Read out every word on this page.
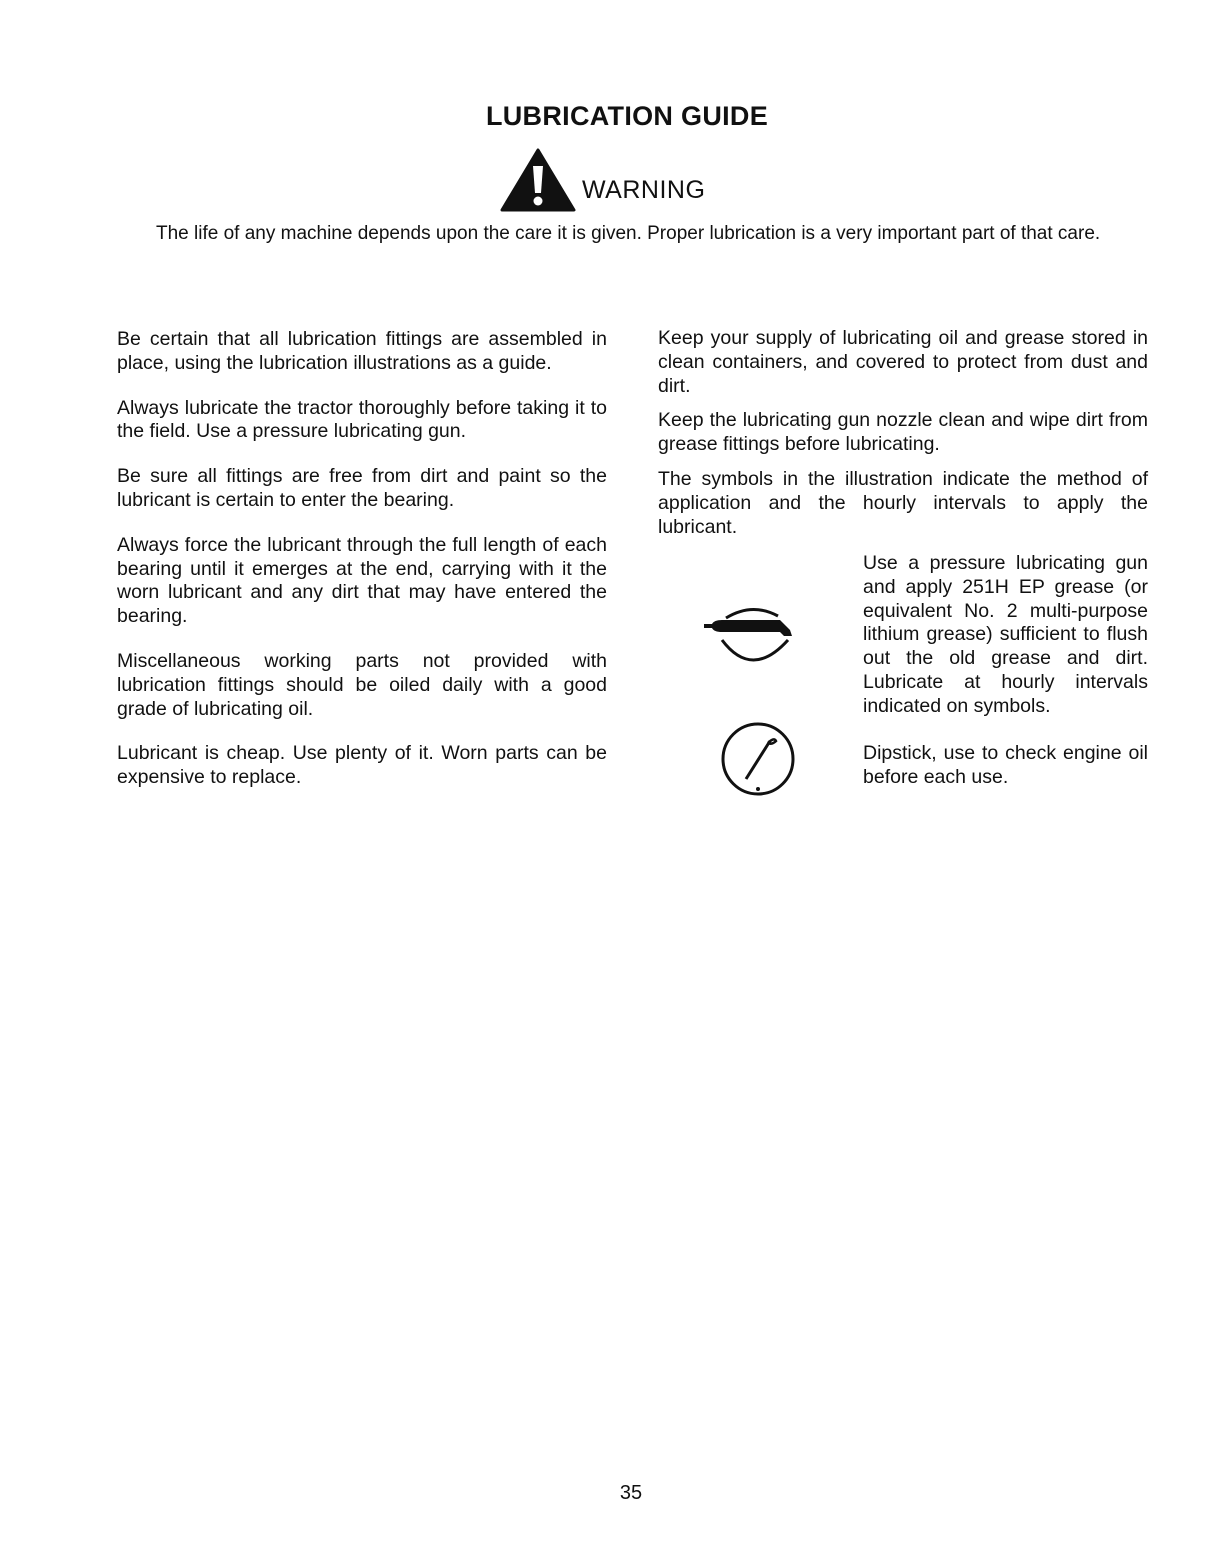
LUBRICATION GUIDE
WARNING

The life of any machine depends upon the care it is given. Proper lubrication is a very important part of that care.

Be certain that all lubrication fittings are assembled in place, using the lubrication illustrations as a guide.

Always lubricate the tractor thoroughly before taking it to the field. Use a pressure lubricating gun.

Be sure all fittings are free from dirt and paint so the lubricant is certain to enter the bearing.

Always force the lubricant through the full length of each bearing until it emerges at the end, carrying with it the worn lubricant and any dirt that may have entered the bearing.

Miscellaneous working parts not provided with lubrication fittings should be oiled daily with a good grade of lubricating oil.

Lubricant is cheap. Use plenty of it. Worn parts can be expensive to replace.

Keep your supply of lubricating oil and grease stored in clean containers, and covered to protect from dust and dirt.

Keep the lubricating gun nozzle clean and wipe dirt from grease fittings before lubricating.

The symbols in the illustration indicate the method of application and the hourly intervals to apply the lubricant.

Use a pressure lubricating gun and apply 251H EP grease (or equivalent No. 2 multi-purpose lithium grease) sufficient to flush out the old grease and dirt. Lubricate at hourly intervals indicated on symbols.

Dipstick, use to check engine oil before each use.

35
